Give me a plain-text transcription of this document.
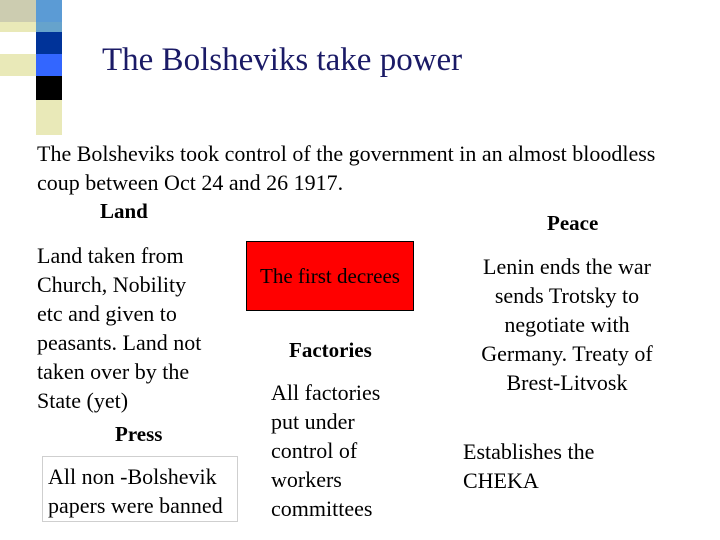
The Bolsheviks take power
The Bolsheviks took control of the government in an almost bloodless
coup between Oct 24 and 26 1917.
Land
Land taken from
Church, Nobility
etc and given to
peasants. Land not
taken over by the
State (yet)
Press
All non -Bolshevik
papers were banned
The first decrees
Factories
All factories
put under
control of
workers
committees
Peace
Lenin ends the war
sends Trotsky to
negotiate with
Germany. Treaty of
Brest-Litvosk
Establishes the
CHEKA
